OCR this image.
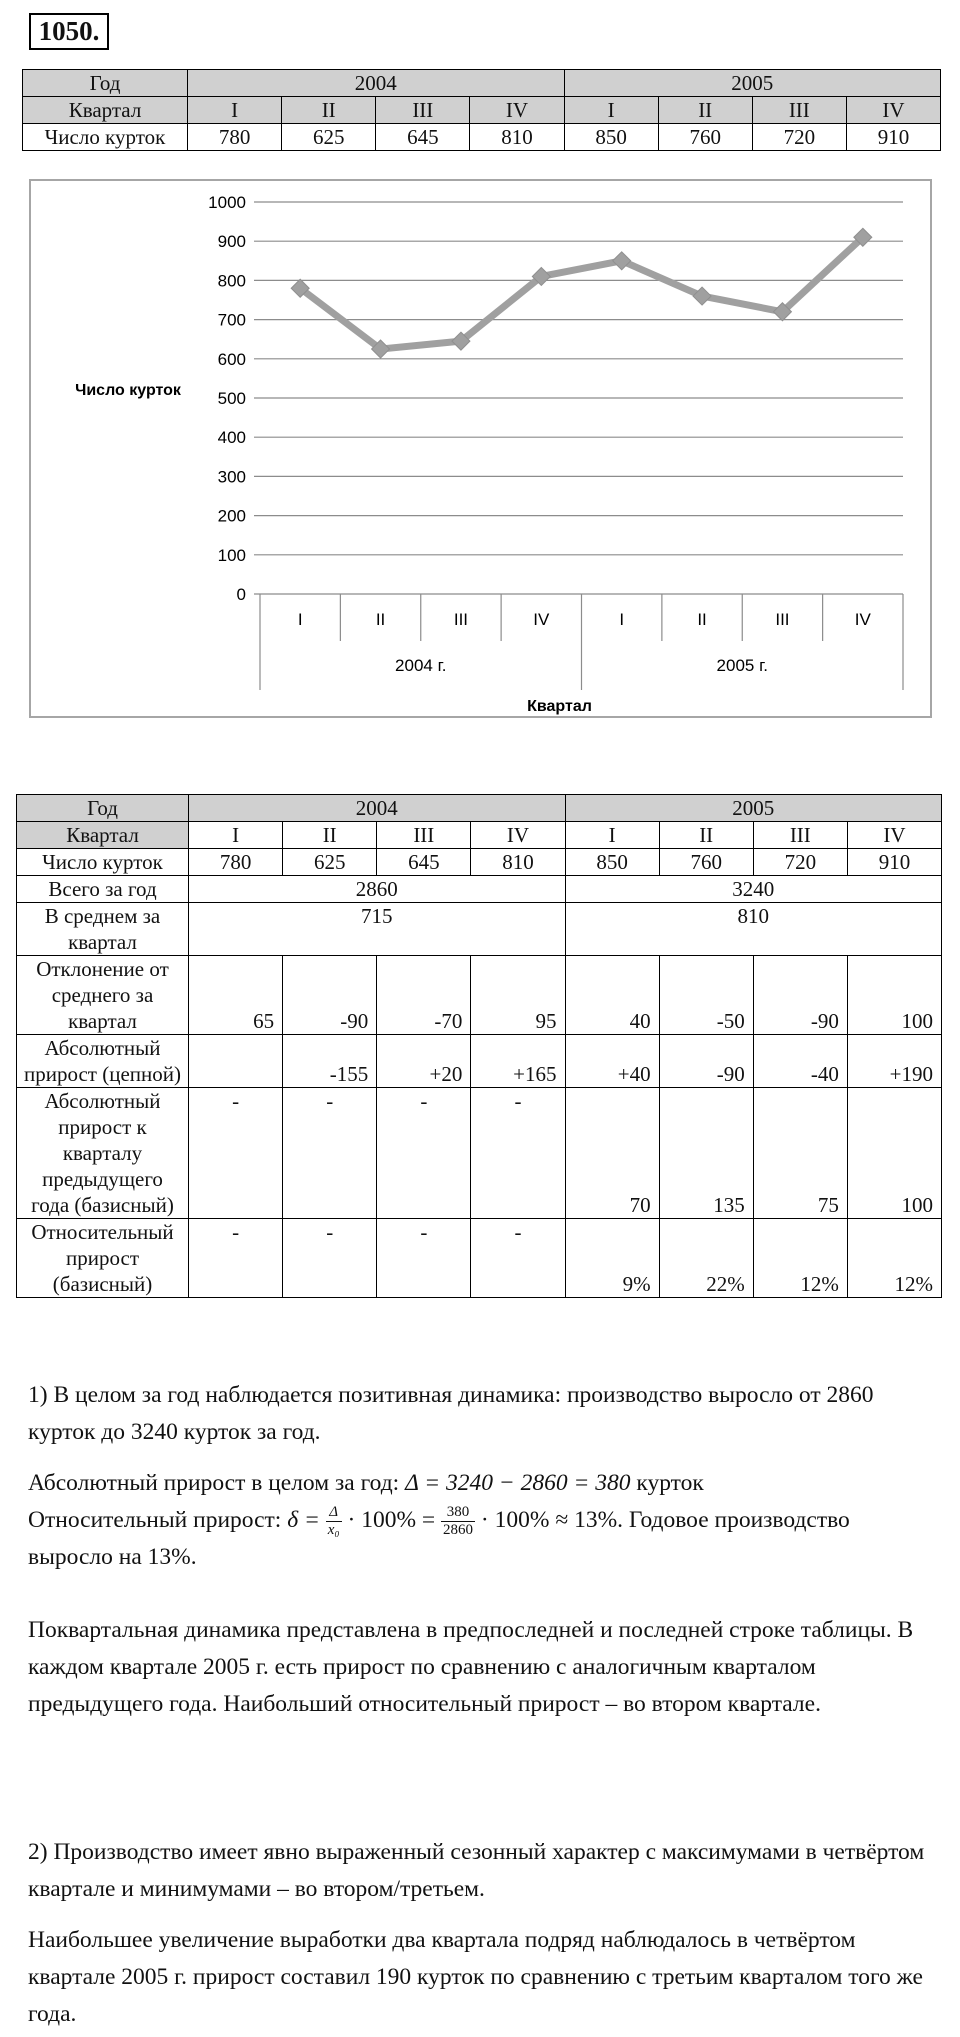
1050.
Год	2004				2005			
Квартал	I	II	III	IV	I	II	III	IV
Число курток	780	625	645	810	850	760	720	910
1000
900
800
700
600
500
400
300
200
100
0
I	II	III	IV	I	II	III	IV
2004 г.	2005 г.
Число курток
Квартал
Год	2004				2005			
Квартал	I	II	III	IV	I	II	III	IV
Число курток	780	625	645	810	850	760	720	910
Всего за год	2860				3240			
В среднем за квартал	715				810			
Отклонение от среднего за квартал	65	-90	-70	95	40	-50	-90	100
Абсолютный прирост (цепной)		-155	+20	+165	+40	-90	-40	+190
Абсолютный прирост к кварталу предыдущего года (базисный)	-	-	-	-	70	135	75	100
Относительный прирост (базисный)	-	-	-	-	9%	22%	12%	12%

1) В целом за год наблюдается позитивная динамика: производство выросло от 2860 курток до 3240 курток за год.

Абсолютный прирост в целом за год: Δ = 3240 − 2860 = 380 курток

Относительный прирост: $\delta = \frac{\Delta}{\text{x₀}} \cdot 100\% = \frac{380}{2860} \cdot 100\% \approx 13\%$. Годовое производство выросло на 13%.

Поквартальная динамика представлена в предпоследней и последней строке таблицы. В каждом квартале 2005 г. есть прирост по сравнению с аналогичным кварталом предыдущего года. Наибольший относительный прирост – во втором квартале.

2) Производство имеет явно выраженный сезонный характер с максимумами в четвёртом квартале и минимумами – во втором/третьем.

Наибольшее увеличение выработки два квартала подряд наблюдалось в четвёртом квартале 2005 г. прирост составил 190 курток по сравнению с третьим кварталом того же года.
